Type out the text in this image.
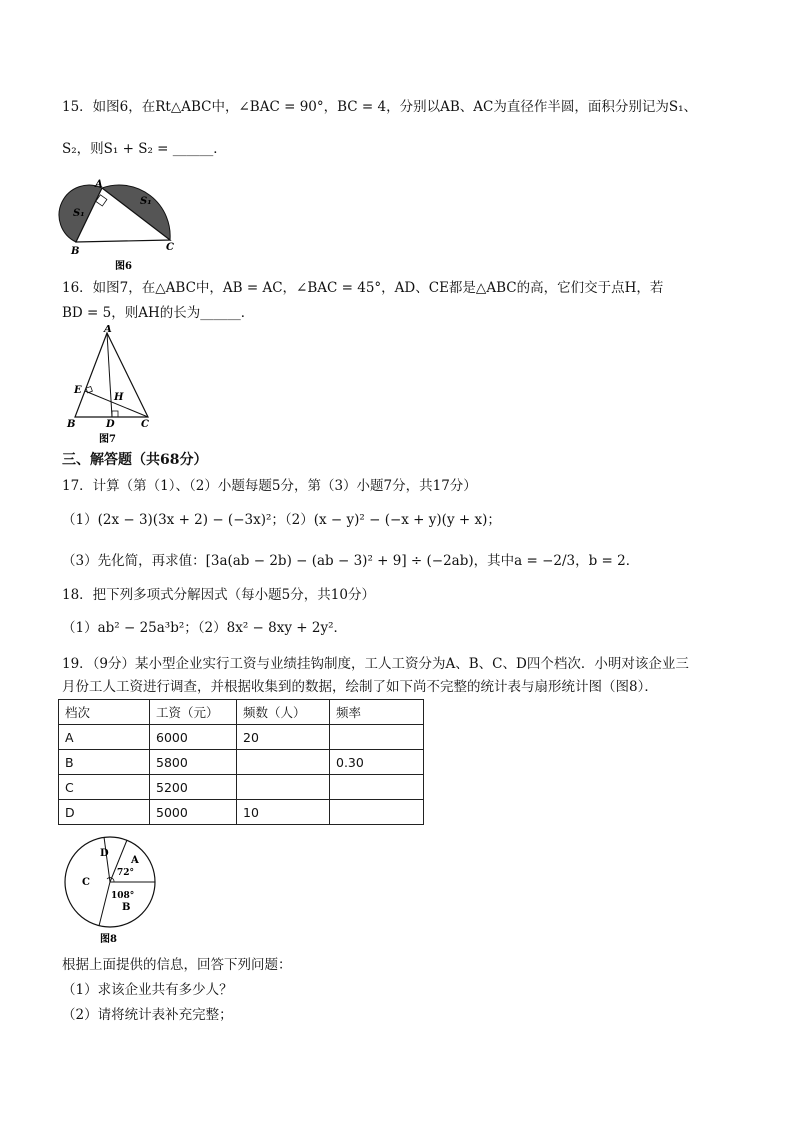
15．如图6，在Rt△ABC中，∠BAC = 90°，BC = 4，分别以AB、AC为直径作半圆，面积分别记为S₁、
S₂，则S₁ + S₂ = ______．
A
B	C
S₁
S₁
图6
16．如图7，在△ABC中，AB = AC，∠BAC = 45°，AD、CE都是△ABC的高，它们交于点H，若
BD = 5，则AH的长为______．
A
E
H
B	D	C
图7
三、解答题（共68分）
17．计算（第（1）、（2）小题每题5分，第（3）小题7分，共17分）
（1）(2x − 3)(3x + 2) − (−3x)²；（2）(x − y)² − (−x + y)(y + x)；
（3）先化简，再求值：[3a(ab − 2b) − (ab − 3)² + 9] ÷ (−2ab)，其中a = −2/3，b = 2．
18．把下列多项式分解因式（每小题5分，共10分）
（1）ab² − 25a³b²；（2）8x² − 8xy + 2y²．
19．（9分）某小型企业实行工资与业绩挂钩制度，工人工资分为A、B、C、D四个档次．小明对该企业三
月份工人工资进行调查，并根据收集到的数据，绘制了如下尚不完整的统计表与扇形统计图（图8）．
档次	工资（元）	频数（人）	频率
A	6000	20	
B	5800		0.30
C	5200		
D	5000	10	
D
A
72°
C
108°
B
图8
根据上面提供的信息，回答下列问题：
（1）求该企业共有多少人？
（2）请将统计表补充完整；
